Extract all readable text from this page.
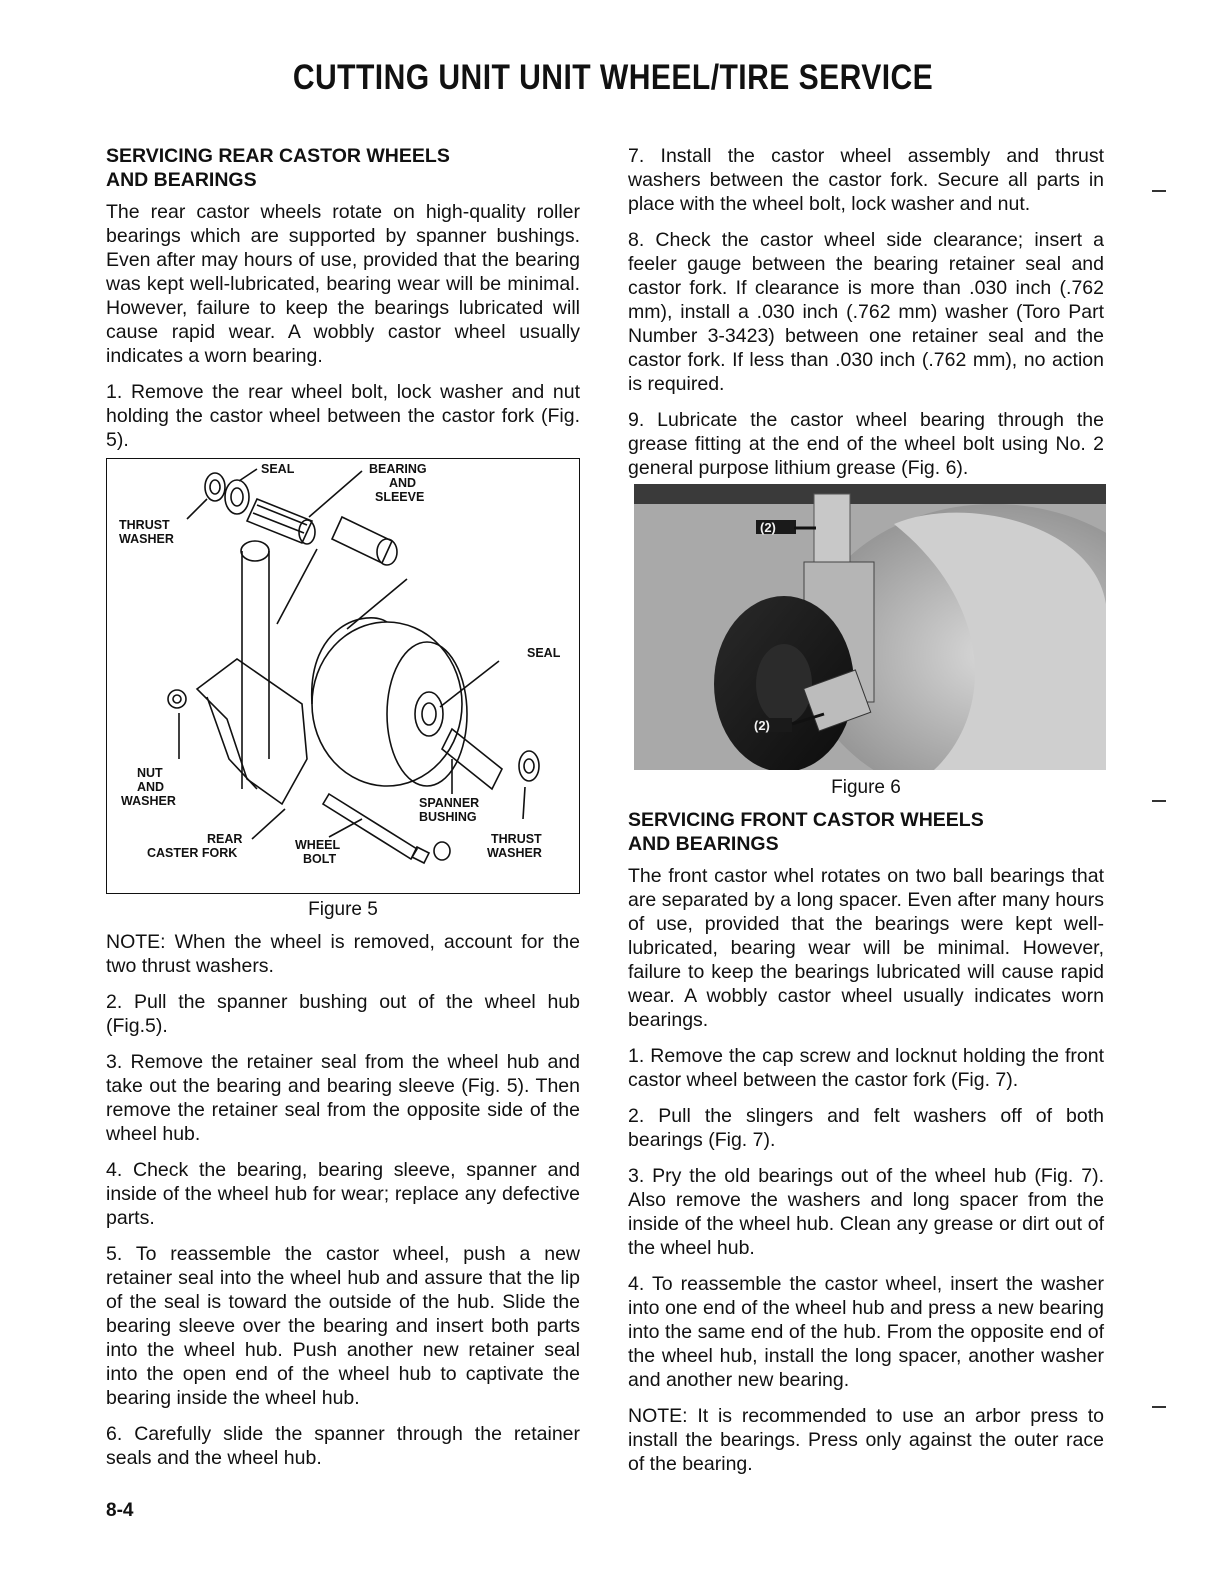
CUTTING UNIT UNIT WHEEL/TIRE SERVICE
SERVICING REAR CASTOR WHEELS
AND BEARINGS

The rear castor wheels rotate on high-quality roller bearings which are supported by spanner bushings. Even after may hours of use, provided that the bearing was kept well-lubricated, bearing wear will be minimal. However, failure to keep the bearings lubricated will cause rapid wear. A wobbly castor wheel usually indicates a worn bearing.

1. Remove the rear wheel bolt, lock washer and nut holding the castor wheel between the castor fork (Fig. 5).

SEAL	BEARING
AND
SLEEVE
THRUST
WASHER
SEAL
NUT
AND
WASHER	SPANNER
BUSHING
REAR
CASTER FORK
WHEEL
BOLT
THRUST
WASHER
Figure 5

NOTE: When the wheel is removed, account for the two thrust washers.

2. Pull the spanner bushing out of the wheel hub (Fig.5).

3. Remove the retainer seal from the wheel hub and take out the bearing and bearing sleeve (Fig. 5). Then remove the retainer seal from the opposite side of the wheel hub.

4. Check the bearing, bearing sleeve, spanner and inside of the wheel hub for wear; replace any defective parts.

5. To reassemble the castor wheel, push a new retainer seal into the wheel hub and assure that the lip of the seal is toward the outside of the hub. Slide the bearing sleeve over the bearing and insert both parts into the wheel hub. Push another new retainer seal into the open end of the wheel hub to captivate the bearing inside the wheel hub.

6. Carefully slide the spanner through the retainer seals and the wheel hub.

7. Install the castor wheel assembly and thrust washers between the castor fork. Secure all parts in place with the wheel bolt, lock washer and nut.

8. Check the castor wheel side clearance; insert a feeler gauge between the bearing retainer seal and castor fork. If clearance is more than .030 inch (.762 mm), install a .030 inch (.762 mm) washer (Toro Part Number 3-3423) between one retainer seal and the castor fork. If less than .030 inch (.762 mm), no action is required.

9. Lubricate the castor wheel bearing through the grease fitting at the end of the wheel bolt using No. 2 general purpose lithium grease (Fig. 6).

(2)
(2)
Figure 6
SERVICING FRONT CASTOR WHEELS
AND BEARINGS

The front castor whel rotates on two ball bearings that are separated by a long spacer. Even after many hours of use, provided that the bearings were kept well-lubricated, bearing wear will be minimal. However, failure to keep the bearings lubricated will cause rapid wear. A wobbly castor wheel usually indicates worn bearings.

1. Remove the cap screw and locknut holding the front castor wheel between the castor fork (Fig. 7).

2. Pull the slingers and felt washers off of both bearings (Fig. 7).

3. Pry the old bearings out of the wheel hub (Fig. 7). Also remove the washers and long spacer from the inside of the wheel hub. Clean any grease or dirt out of the wheel hub.

4. To reassemble the castor wheel, insert the washer into one end of the wheel hub and press a new bearing into the same end of the hub. From the opposite end of the wheel hub, install the long spacer, another washer and another new bearing.

NOTE: It is recommended to use an arbor press to install the bearings. Press only against the outer race of the bearing.

8-4
